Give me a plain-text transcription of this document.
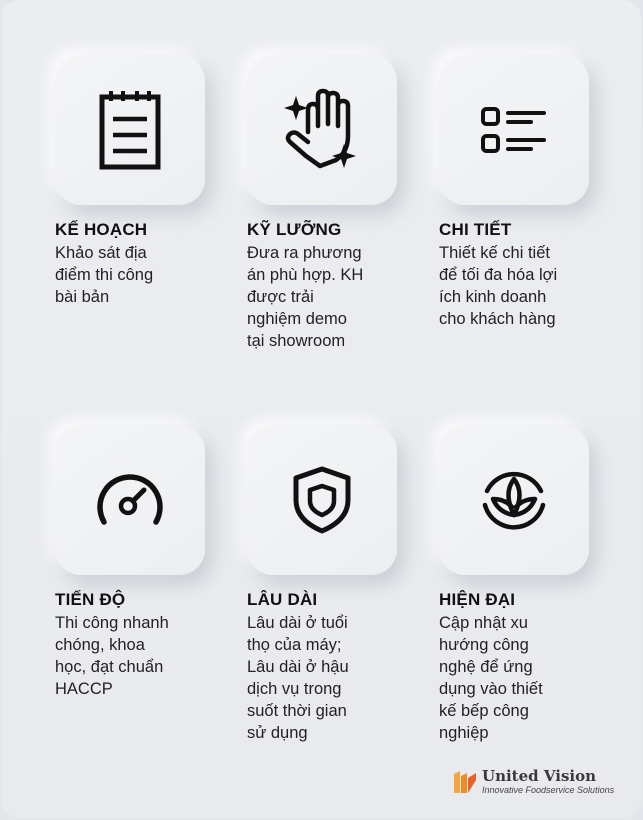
KẾ HOẠCH
Khảo sát địa
điểm thi công
bài bản
KỸ LƯỠNG
Đưa ra phương
án phù hợp. KH
được trải
nghiệm demo
tại showroom
CHI TIẾT
Thiết kế chi tiết
để tối đa hóa lợi
ích kinh doanh
cho khách hàng
TIẾN ĐỘ
Thi công nhanh
chóng, khoa
học, đạt chuẩn
HACCP
LÂU DÀI
Lâu dài ở tuổi
thọ của máy;
Lâu dài ở hậu
dịch vụ trong
suốt thời gian
sử dụng
HIỆN ĐẠI
Cập nhật xu
hướng công
nghệ để ứng
dụng vào thiết
kế bếp công
nghiệp
United Vision
Innovative Foodservice Solutions
